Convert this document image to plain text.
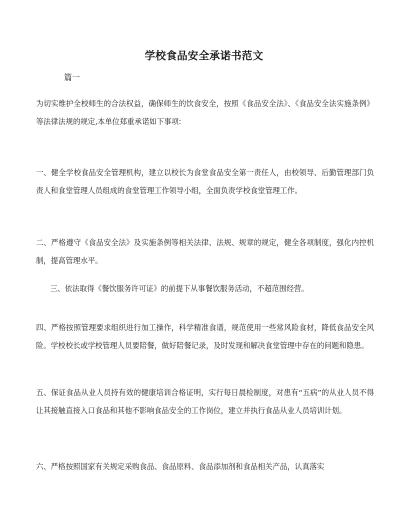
学校食品安全承诺书范文

篇一

为切实维护全校师生的合法权益，确保师生的饮食安全，按照《食品安全法》、《食品安全法实施条例》等法律法规的规定,本单位郑重承诺如下事项:

一、健全学校食品安全管理机构，建立以校长为食堂食品安全第一责任人，由校领导、后勤管理部门负责人和食堂管理人员组成的食堂管理工作领导小组，全面负责学校食堂管理工作。

二、严格遵守《食品安全法》及实施条例等相关法律、法规、规章的规定，健全各项制度，强化内控机制，提高管理水平。

三、依法取得《餐饮服务许可证》的前提下从事餐饮服务活动，不超范围经营。

四、严格按照管理要求组织进行加工操作，科学精准食谱，规范使用一些常风险食材，降低食品安全风险。学校校长或学校管理人员要陪餐，做好陪餐记录，及时发现和解决食堂管理中存在的问题和隐患。

五、保证食品从业人员持有效的健康培训合格证明，实行每日晨检制度，对患有“五病”的从业人员不得让其接触直接入口食品和其他不影响食品安全的工作岗位，建立并执行食品从业人员培训计划。

六、严格按照国家有关规定采购食品、食品原料、食品添加剂和食品相关产品，认真落实
